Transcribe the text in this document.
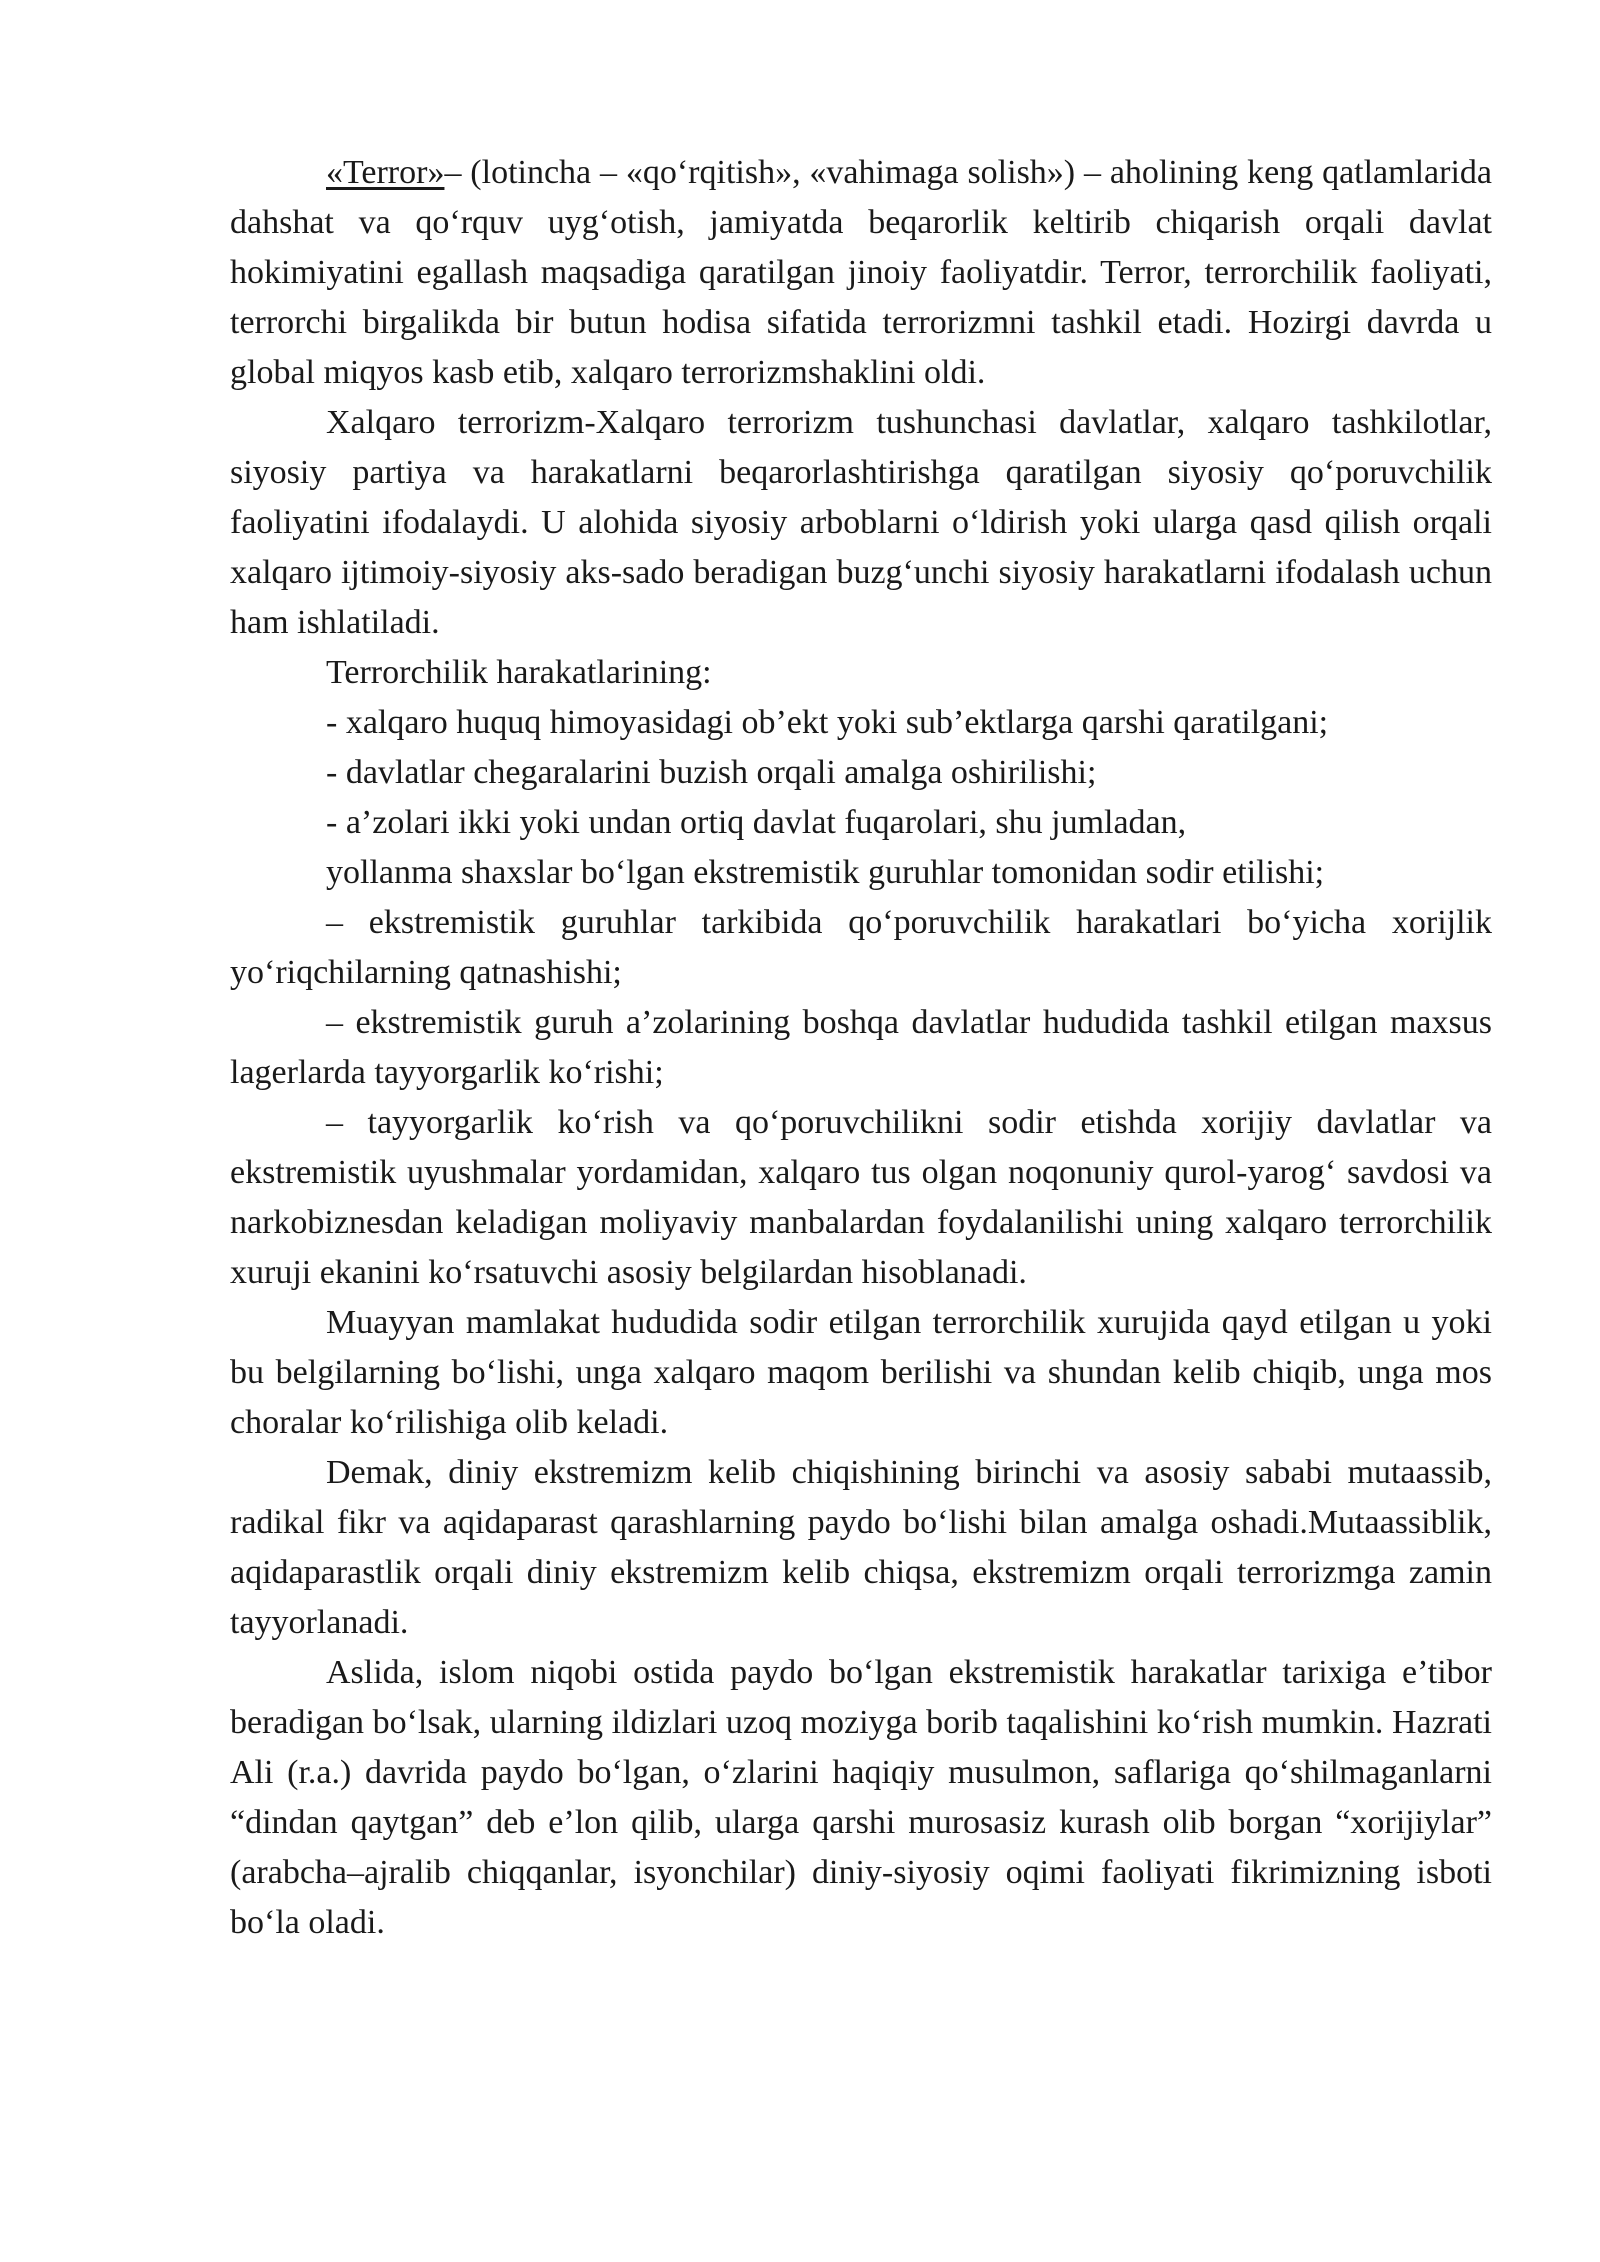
«Terror»– (lotincha – «qo‘rqitish», «vahimaga solish») – aholining keng qatlamlarida dahshat va qo‘rquv uyg‘otish, jamiyatda beqarorlik keltirib chiqarish orqali davlat hokimiyatini egallash maqsadiga qaratilgan jinoiy faoliyatdir. Terror, terrorchilik faoliyati, terrorchi birgalikda bir butun hodisa sifatida terrorizmni tashkil etadi. Hozirgi davrda u global miqyos kasb etib, xalqaro terrorizmshaklini oldi.

Xalqaro terrorizm-Xalqaro terrorizm tushunchasi davlatlar, xalqaro tashkilotlar, siyosiy partiya va harakatlarni beqarorlashtirishga qaratilgan siyosiy qo‘poruvchilik faoliyatini ifodalaydi. U alohida siyosiy arboblarni o‘ldirish yoki ularga qasd qilish orqali xalqaro ijtimoiy-siyosiy aks-sado beradigan buzg‘unchi siyosiy harakatlarni ifodalash uchun ham ishlatiladi.

Terrorchilik harakatlarining:

- xalqaro huquq himoyasidagi ob’ekt yoki sub’ektlarga qarshi qaratilgani;

- davlatlar chegaralarini buzish orqali amalga oshirilishi;

- a’zolari ikki yoki undan ortiq davlat fuqarolari, shu jumladan,

yollanma shaxslar bo‘lgan ekstremistik guruhlar tomonidan sodir etilishi;

– ekstremistik guruhlar tarkibida qo‘poruvchilik harakatlari bo‘yicha xorijlik yo‘riqchilarning qatnashishi;

– ekstremistik guruh a’zolarining boshqa davlatlar hududida tashkil etilgan maxsus lagerlarda tayyorgarlik ko‘rishi;

– tayyorgarlik ko‘rish va qo‘poruvchilikni sodir etishda xorijiy davlatlar va ekstremistik uyushmalar yordamidan, xalqaro tus olgan noqonuniy qurol-yarog‘ savdosi va narkobiznesdan keladigan moliyaviy manbalardan foydalanilishi uning xalqaro terrorchilik xuruji ekanini ko‘rsatuvchi asosiy belgilardan hisoblanadi.

Muayyan mamlakat hududida sodir etilgan terrorchilik xurujida qayd etilgan u yoki bu belgilarning bo‘lishi, unga xalqaro maqom berilishi va shundan kelib chiqib, unga mos choralar ko‘rilishiga olib keladi.

Demak, diniy ekstremizm kelib chiqishining birinchi va asosiy sababi mutaassib, radikal fikr va aqidaparast qarashlarning paydo bo‘lishi bilan amalga oshadi.Mutaassiblik, aqidaparastlik orqali diniy ekstremizm kelib chiqsa, ekstremizm orqali terrorizmga zamin tayyorlanadi.

Aslida, islom niqobi ostida paydo bo‘lgan ekstremistik harakatlar tarixiga e’tibor beradigan bo‘lsak, ularning ildizlari uzoq moziyga borib taqalishini ko‘rish mumkin. Hazrati Ali (r.a.) davrida paydo bo‘lgan, o‘zlarini haqiqiy musulmon, saflariga qo‘shilmaganlarni “dindan qaytgan” deb e’lon qilib, ularga qarshi murosasiz kurash olib borgan “xorijiylar” (arabcha–ajralib chiqqanlar, isyonchilar) diniy-siyosiy oqimi faoliyati fikrimizning isboti bo‘la oladi.
